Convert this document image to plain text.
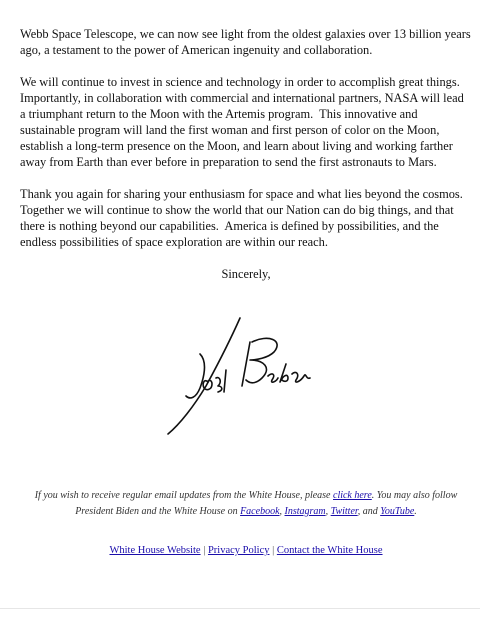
Webb Space Telescope, we can now see light from the oldest galaxies over 13 billion years ago, a testament to the power of American ingenuity and collaboration.

We will continue to invest in science and technology in order to accomplish great things.  Importantly, in collaboration with commercial and international partners, NASA will lead a triumphant return to the Moon with the Artemis program.  This innovative and sustainable program will land the first woman and first person of color on the Moon, establish a long-term presence on the Moon, and learn about living and working farther away from Earth than ever before in preparation to send the first astronauts to Mars.

Thank you again for sharing your enthusiasm for space and what lies beyond the cosmos.  Together we will continue to show the world that our Nation can do big things, and that there is nothing beyond our capabilities.  America is defined by possibilities, and the endless possibilities of space exploration are within our reach.

Sincerely,
If you wish to receive regular email updates from the White House, please click here. You may also follow President Biden and the White House on Facebook, Instagram, Twitter, and YouTube.
White House Website | Privacy Policy | Contact the White House
